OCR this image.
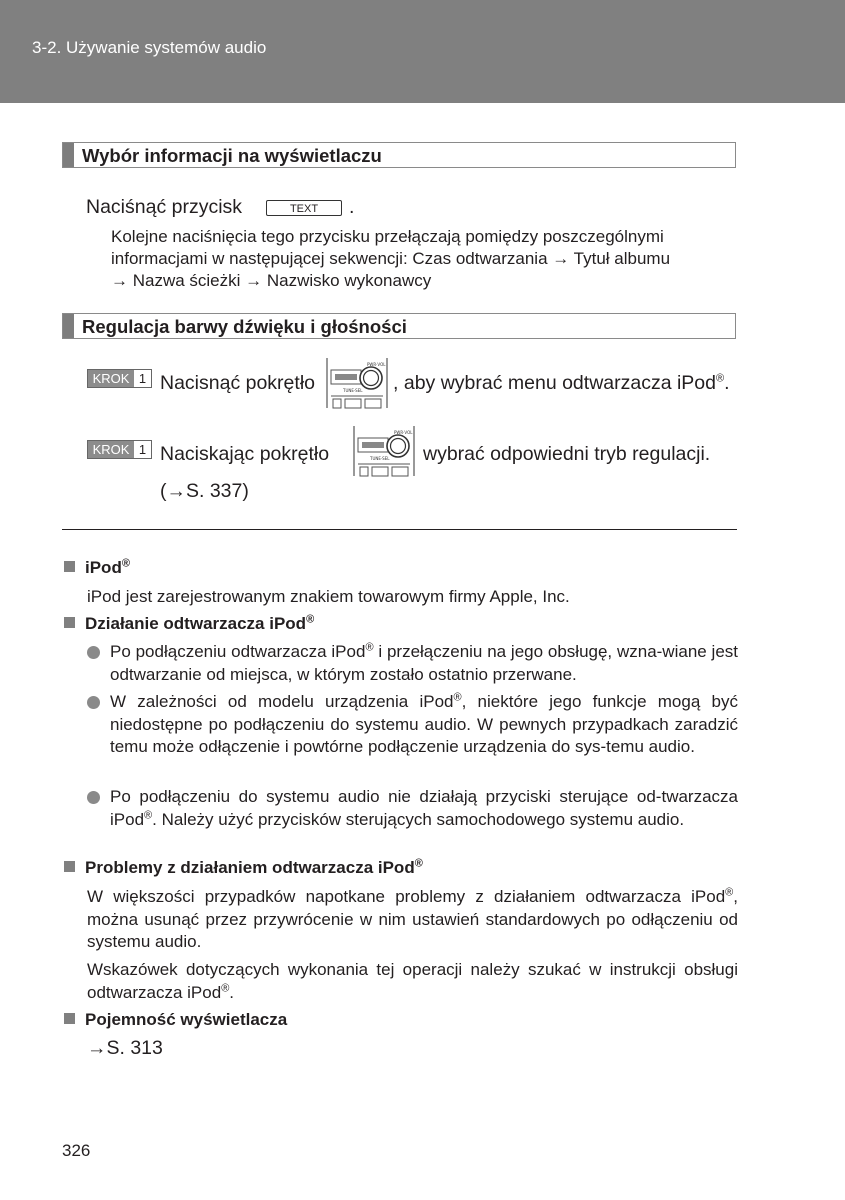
3-2. Używanie systemów audio
Wybór informacji na wyświetlaczu
Naciśnąć przycisk	TEXT	.
Kolejne naciśnięcia tego przycisku przełączają pomiędzy poszczególnymi
informacjami w następującej sekwencji: Czas odtwarzania → Tytuł albumu
→ Nazwa ścieżki → Nazwisko wykonawcy
Regulacja barwy dźwięku i głośności
KROK 1 Nacisnąć pokrętło
PWR·VOL
TUNE·SEL , aby wybrać menu odtwarzacza iPod®.
KROK 1 Naciskając pokrętło
PWR·VOL
TUNE·SEL wybrać odpowiedni tryb regulacji.
(→S. 337)
iPod®
iPod jest zarejestrowanym znakiem towarowym firmy Apple, Inc.
Działanie odtwarzacza iPod®
Po podłączeniu odtwarzacza iPod® i przełączeniu na jego obsługę, wzna-wiane jest odtwarzanie od miejsca, w którym zostało ostatnio przerwane.
W zależności od modelu urządzenia iPod®, niektóre jego funkcje mogą być niedostępne po podłączeniu do systemu audio. W pewnych przypadkach zaradzić temu może odłączenie i powtórne podłączenie urządzenia do sys-temu audio.
Po podłączeniu do systemu audio nie działają przyciski sterujące od-twarzacza iPod®. Należy użyć przycisków sterujących samochodowego systemu audio.
Problemy z działaniem odtwarzacza iPod®
W większości przypadków napotkane problemy z działaniem odtwarzacza iPod®, można usunąć przez przywrócenie w nim ustawień standardowych po odłączeniu od systemu audio.
Wskazówek dotyczących wykonania tej operacji należy szukać w instrukcji obsługi odtwarzacza iPod®.
Pojemność wyświetlacza
→S. 313
326
